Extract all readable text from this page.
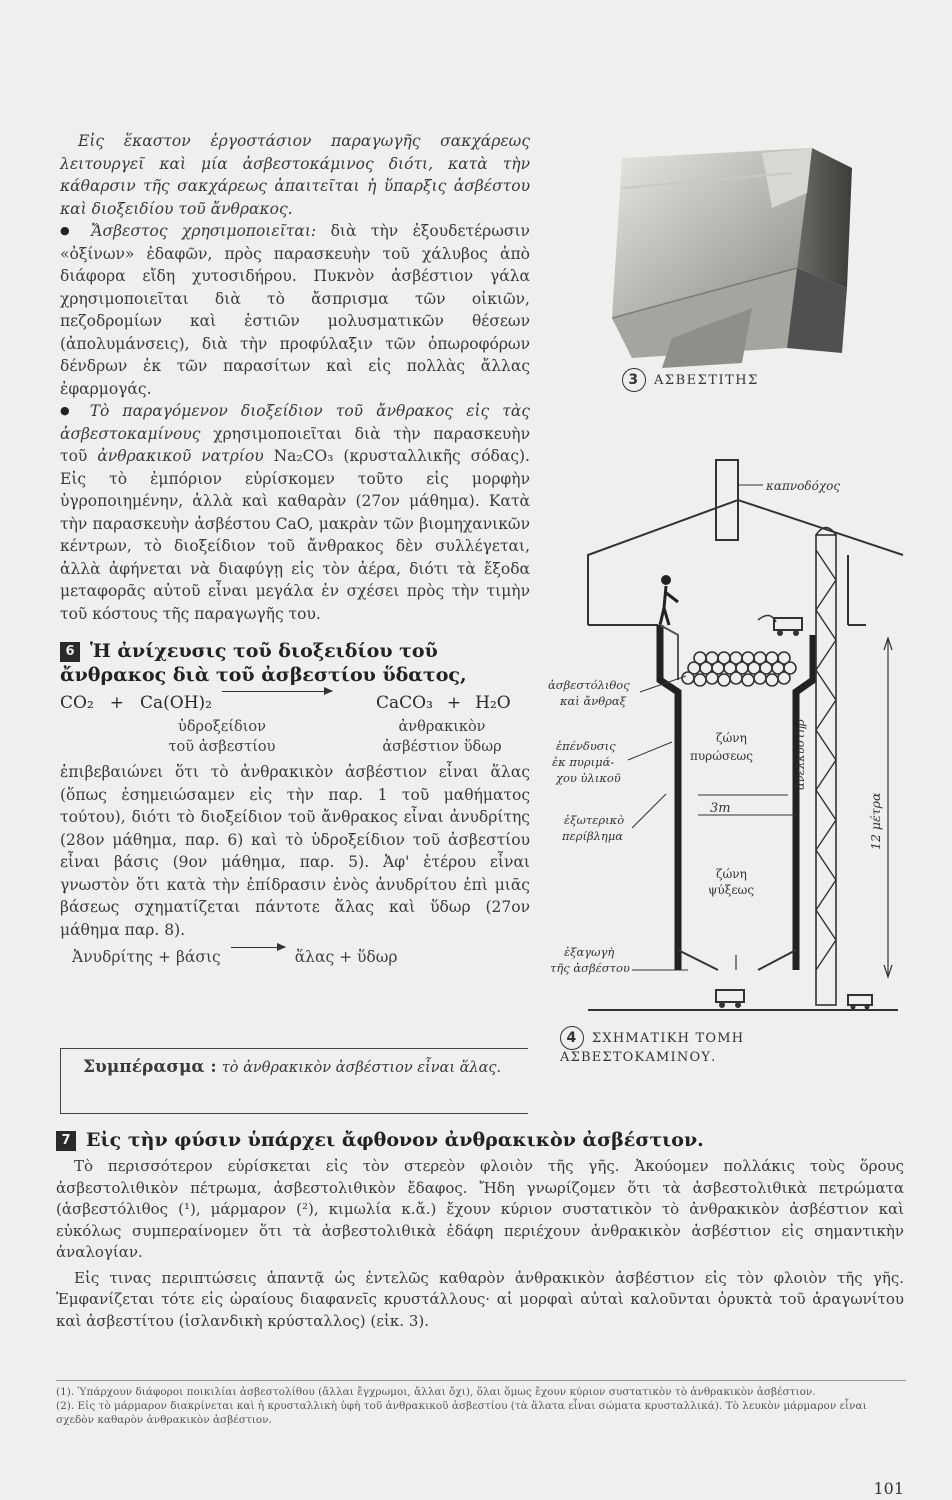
Εἰς ἕκαστον ἐργοστάσιον παραγωγῆς σακχάρεως λειτουργεῖ καὶ μία ἀσβεστοκάμινος διότι, κατὰ τὴν κάθαρσιν τῆς σακχάρεως ἀπαιτεῖται ἡ ὕπαρξις ἀσβέστου καὶ διοξειδίου τοῦ ἄνθρακος.

● Ἄσβεστος χρησιμοποιεῖται: διὰ τὴν ἐξουδετέρωσιν «ὀξίνων» ἐδαφῶν, πρὸς παρασκευὴν τοῦ χάλυβος ἀπὸ διάφορα εἴδη χυτοσιδήρου. Πυκνὸν ἀσβέστιον γάλα χρησιμοποιεῖται διὰ τὸ ἄσπρισμα τῶν οἰκιῶν, πεζοδρομίων καὶ ἑστιῶν μολυσματικῶν θέσεων (ἀπολυμάνσεις), διὰ τὴν προφύλαξιν τῶν ὀπωροφόρων δένδρων ἐκ τῶν παρασίτων καὶ εἰς πολλὰς ἄλλας ἐφαρμογάς.

● Τὸ παραγόμενον διοξείδιον τοῦ ἄνθρακος εἰς τὰς ἀσβεστοκαμίνους χρησιμοποιεῖται διὰ τὴν παρασκευὴν τοῦ ἀνθρακικοῦ νατρίου Na₂CO₃ (κρυσταλλικῆς σόδας). Εἰς τὸ ἐμπόριον εὑρίσκομεν τοῦτο εἰς μορφὴν ὑγροποιημένην, ἀλλὰ καὶ καθαρὰν (27ον μάθημα). Κατὰ τὴν παρασκευὴν ἀσβέστου CaO, μακρὰν τῶν βιομηχανικῶν κέντρων, τὸ διοξείδιον τοῦ ἄνθρακος δὲν συλλέγεται, ἀλλὰ ἀφήνεται νὰ διαφύγῃ εἰς τὸν ἀέρα, διότι τὰ ἔξοδα μεταφορᾶς αὐτοῦ εἶναι μεγάλα ἐν σχέσει πρὸς τὴν τιμὴν τοῦ κόστους τῆς παραγωγῆς του.

6 Ἡ ἀνίχευσις τοῦ διοξειδίου τοῦ ἄνθρακος διὰ τοῦ ἀσβεστίου ὕδατος,
CO₂ + Ca(OH)₂	CaCO₃ + H₂O
ὑδροξείδιον
τοῦ ἀσβεστίου
ἀνθρακικὸν
ἀσβέστιον ὕδωρ

ἐπιβεβαιώνει ὅτι τὸ ἀνθρακικὸν ἀσβέστιον εἶναι ἅλας (ὅπως ἐσημειώσαμεν εἰς τὴν παρ. 1 τοῦ μαθήματος τούτου), διότι τὸ διοξείδιον τοῦ ἄνθρακος εἶναι ἀνυδρίτης (28ον μάθημα, παρ. 6) καὶ τὸ ὑδροξείδιον τοῦ ἀσβεστίου εἶναι βάσις (9ον μάθημα, παρ. 5). Ἀφ' ἑτέρου εἶναι γνωστὸν ὅτι κατὰ τὴν ἐπίδρασιν ἑνὸς ἀνυδρίτου ἐπὶ μιᾶς βάσεως σχηματίζεται πάντοτε ἅλας καὶ ὕδωρ (27ον μάθημα παρ. 8).

Ἀνυδρίτης + βάσις	ἅλας + ὕδωρ
Συμπέρασμα : τὸ ἀνθρακικὸν ἀσβέστιον εἶναι ἅλας.
3 ΑΣΒΕΣΤΙΤΗΣ
καπνοδόχος
3m
ζώνη
πυρώσεως
ζώνη
ψύξεως
ἀνελκυστὴρ
12 μέτρα
ἀσβεστόλιθος
καὶ ἄνθραξ
ἐπένδυσις
ἐκ πυριμά-
χου ὑλικοῦ
ἐξωτερικὸ
περίβλημα
ἐξαγωγὴ
τῆς ἀσβέστου
4 ΣΧΗΜΑΤΙΚΗ ΤΟΜΗ ΑΣΒΕΣΤΟΚΑΜΙΝΟΥ.
7 Εἰς τὴν φύσιν ὑπάρχει ἄφθονον ἀνθρακικὸν ἀσβέστιον.

Τὸ περισσότερον εὑρίσκεται εἰς τὸν στερεὸν φλοιὸν τῆς γῆς. Ἀκούομεν πολλάκις τοὺς ὅρους ἀσβεστολιθικὸν πέτρωμα, ἀσβεστολιθικὸν ἔδαφος. Ἤδη γνωρίζομεν ὅτι τὰ ἀσβεστολιθικὰ πετρώματα (ἀσβεστόλιθος (¹), μάρμαρον (²), κιμωλία κ.ἄ.) ἔχουν κύριον συστατικὸν τὸ ἀνθρακικὸν ἀσβέστιον καὶ εὐκόλως συμπεραίνομεν ὅτι τὰ ἀσβεστολιθικὰ ἐδάφη περιέχουν ἀνθρακικὸν ἀσβέστιον εἰς σημαντικὴν ἀναλογίαν.

Εἰς τινας περιπτώσεις ἀπαντᾷ ὡς ἐντελῶς καθαρὸν ἀνθρακικὸν ἀσβέστιον εἰς τὸν φλοιὸν τῆς γῆς. Ἐμφανίζεται τότε εἰς ὡραίους διαφανεῖς κρυστάλλους· αἱ μορφαὶ αὐταὶ καλοῦνται ὀρυκτὰ τοῦ ἀραγωνίτου καὶ ἀσβεστίτου (ἰσλανδικὴ κρύσταλλος) (εἰκ. 3).

(1). Ὑπάρχουν διάφοροι ποικιλίαι ἀσβεστολίθου (ἄλλαι ἔγχρωμοι, ἄλλαι ὄχι), ὅλαι ὅμως ἔχουν κύριον συστατικὸν τὸ ἀνθρακικὸν ἀσβέστιον.
(2). Εἰς τὸ μάρμαρον διακρίνεται καὶ ἡ κρυσταλλικὴ ὑφὴ τοῦ ἀνθρακικοῦ ἀσβεστίου (τὰ ἅλατα εἶναι σώματα κρυσταλλικά). Τὸ λευκὸν μάρμαρον εἶναι σχεδὸν καθαρὸν ἀνθρακικὸν ἀσβέστιον.
101
